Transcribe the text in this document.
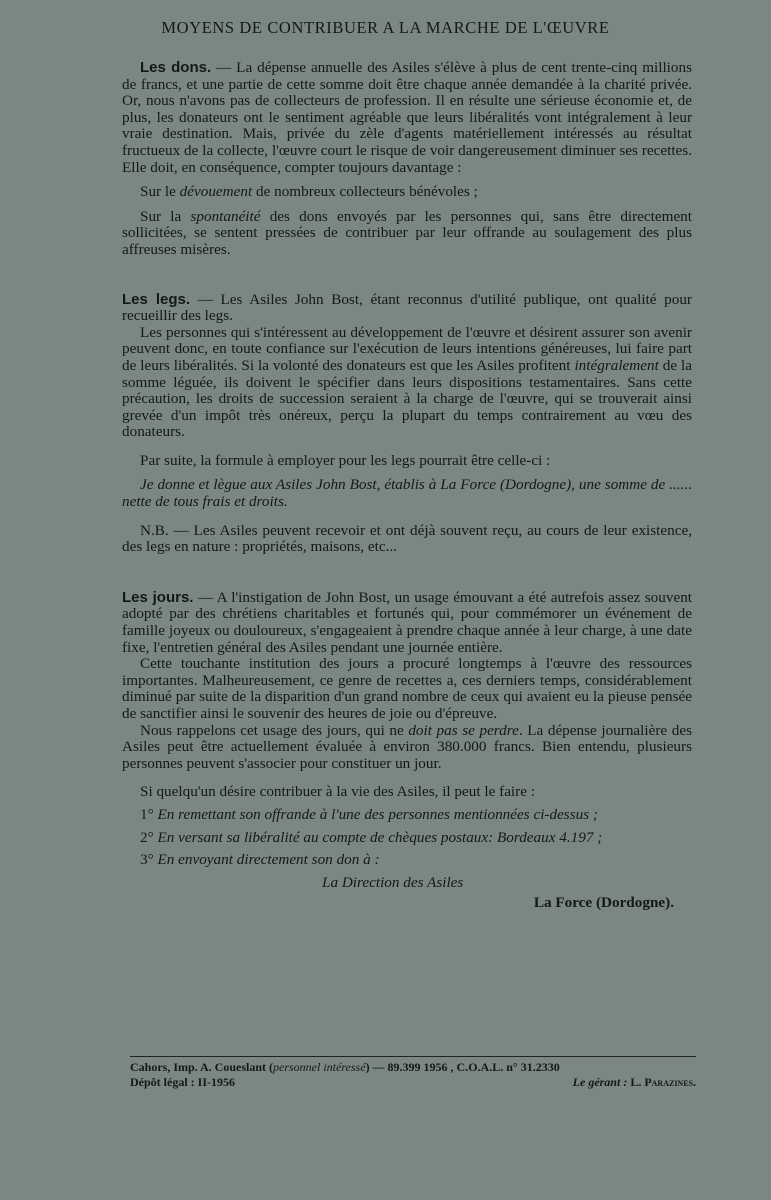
MOYENS DE CONTRIBUER A LA MARCHE DE L'ŒUVRE

Les dons. — La dépense annuelle des Asiles s'élève à plus de cent trente-cinq millions de francs, et une partie de cette somme doit être chaque année demandée à la charité privée. Or, nous n'avons pas de collecteurs de profession. Il en résulte une sérieuse économie et, de plus, les donateurs ont le sentiment agréable que leurs libéralités vont intégralement à leur vraie destination. Mais, privée du zèle d'agents matériellement intéressés au résultat fructueux de la collecte, l'œuvre court le risque de voir dangereusement diminuer ses recettes. Elle doit, en conséquence, compter toujours davantage :

Sur le dévouement de nombreux collecteurs bénévoles ;

Sur la spontanéité des dons envoyés par les personnes qui, sans être directement sollicitées, se sentent pressées de contribuer par leur offrande au soulagement des plus affreuses misères.

Les legs. — Les Asiles John Bost, étant reconnus d'utilité publique, ont qualité pour recueillir des legs.

Les personnes qui s'intéressent au développement de l'œuvre et désirent assurer son avenir peuvent donc, en toute confiance sur l'exécution de leurs intentions généreuses, lui faire part de leurs libéralités. Si la volonté des donateurs est que les Asiles profitent intégralement de la somme léguée, ils doivent le spécifier dans leurs dispositions testamentaires. Sans cette précaution, les droits de succession seraient à la charge de l'œuvre, qui se trouverait ainsi grevée d'un impôt très onéreux, perçu la plupart du temps contrairement au vœu des donateurs.

Par suite, la formule à employer pour les legs pourrait être celle-ci :

Je donne et lègue aux Asiles John Bost, établis à La Force (Dordogne), une somme de ...... nette de tous frais et droits.

N.B. — Les Asiles peuvent recevoir et ont déjà souvent reçu, au cours de leur existence, des legs en nature : propriétés, maisons, etc...

Les jours. — A l'instigation de John Bost, un usage émouvant a été autrefois assez souvent adopté par des chrétiens charitables et fortunés qui, pour commémorer un événement de famille joyeux ou douloureux, s'engageaient à prendre chaque année à leur charge, à une date fixe, l'entretien général des Asiles pendant une journée entière.

Cette touchante institution des jours a procuré longtemps à l'œuvre des ressources importantes. Malheureusement, ce genre de recettes a, ces derniers temps, considérablement diminué par suite de la disparition d'un grand nombre de ceux qui avaient eu la pieuse pensée de sanctifier ainsi le souvenir des heures de joie ou d'épreuve.

Nous rappelons cet usage des jours, qui ne doit pas se perdre. La dépense journalière des Asiles peut être actuellement évaluée à environ 380.000 francs. Bien entendu, plusieurs personnes peuvent s'associer pour constituer un jour.

Si quelqu'un désire contribuer à la vie des Asiles, il peut le faire :

1° En remettant son offrande à l'une des personnes mentionnées ci-dessus ;

2° En versant sa libéralité au compte de chèques postaux: Bordeaux 4.197 ;

3° En envoyant directement son don à :

La Direction des Asiles

La Force (Dordogne).

Cahors, Imp. A. Coueslant (personnel intéressé) — 89.399 1956 , C.O.A.L. n° 31.2330
Dépôt légal : II-1956	Le gérant : L. Parazines.
